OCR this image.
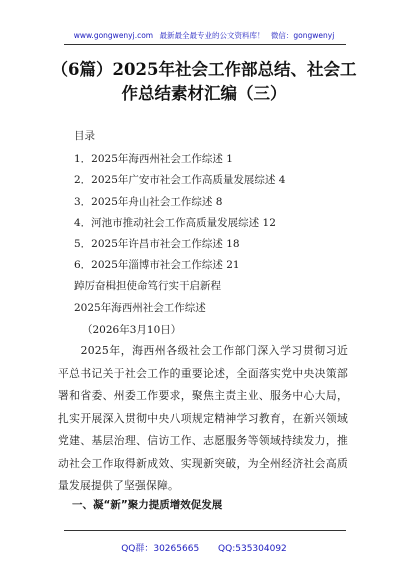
www.gongwenyj.com 最新最全最专业的公文资料库！ 微信：gongwenyj
（6篇）2025年社会工作部总结、社会工
作总结素材汇编（三）
目录
1．2025年海西州社会工作综述 1
2．2025年广安市社会工作高质量发展综述 4
3．2025年舟山社会工作综述 8
4．河池市推动社会工作高质量发展综述 12
5．2025年许昌市社会工作综述 18
6．2025年淄博市社会工作综述 21
踔厉奋楫担使命笃行实干启新程
2025年海西州社会工作综述
（2026年3月10日）
2025年，海西州各级社会工作部门深入学习贯彻习近平总书记关于社会工作的重要论述，全面落实党中央决策部署和省委、州委工作要求，聚焦主责主业、服务中心大局，扎实开展深入贯彻中央八项规定精神学习教育，在新兴领域党建、基层治理、信访工作、志愿服务等领域持续发力，推动社会工作取得新成效、实现新突破，为全州经济社会高质量发展提供了坚强保障。
一、凝“新”聚力提质增效促发展
QQ群：30265665 QQ:535304092
